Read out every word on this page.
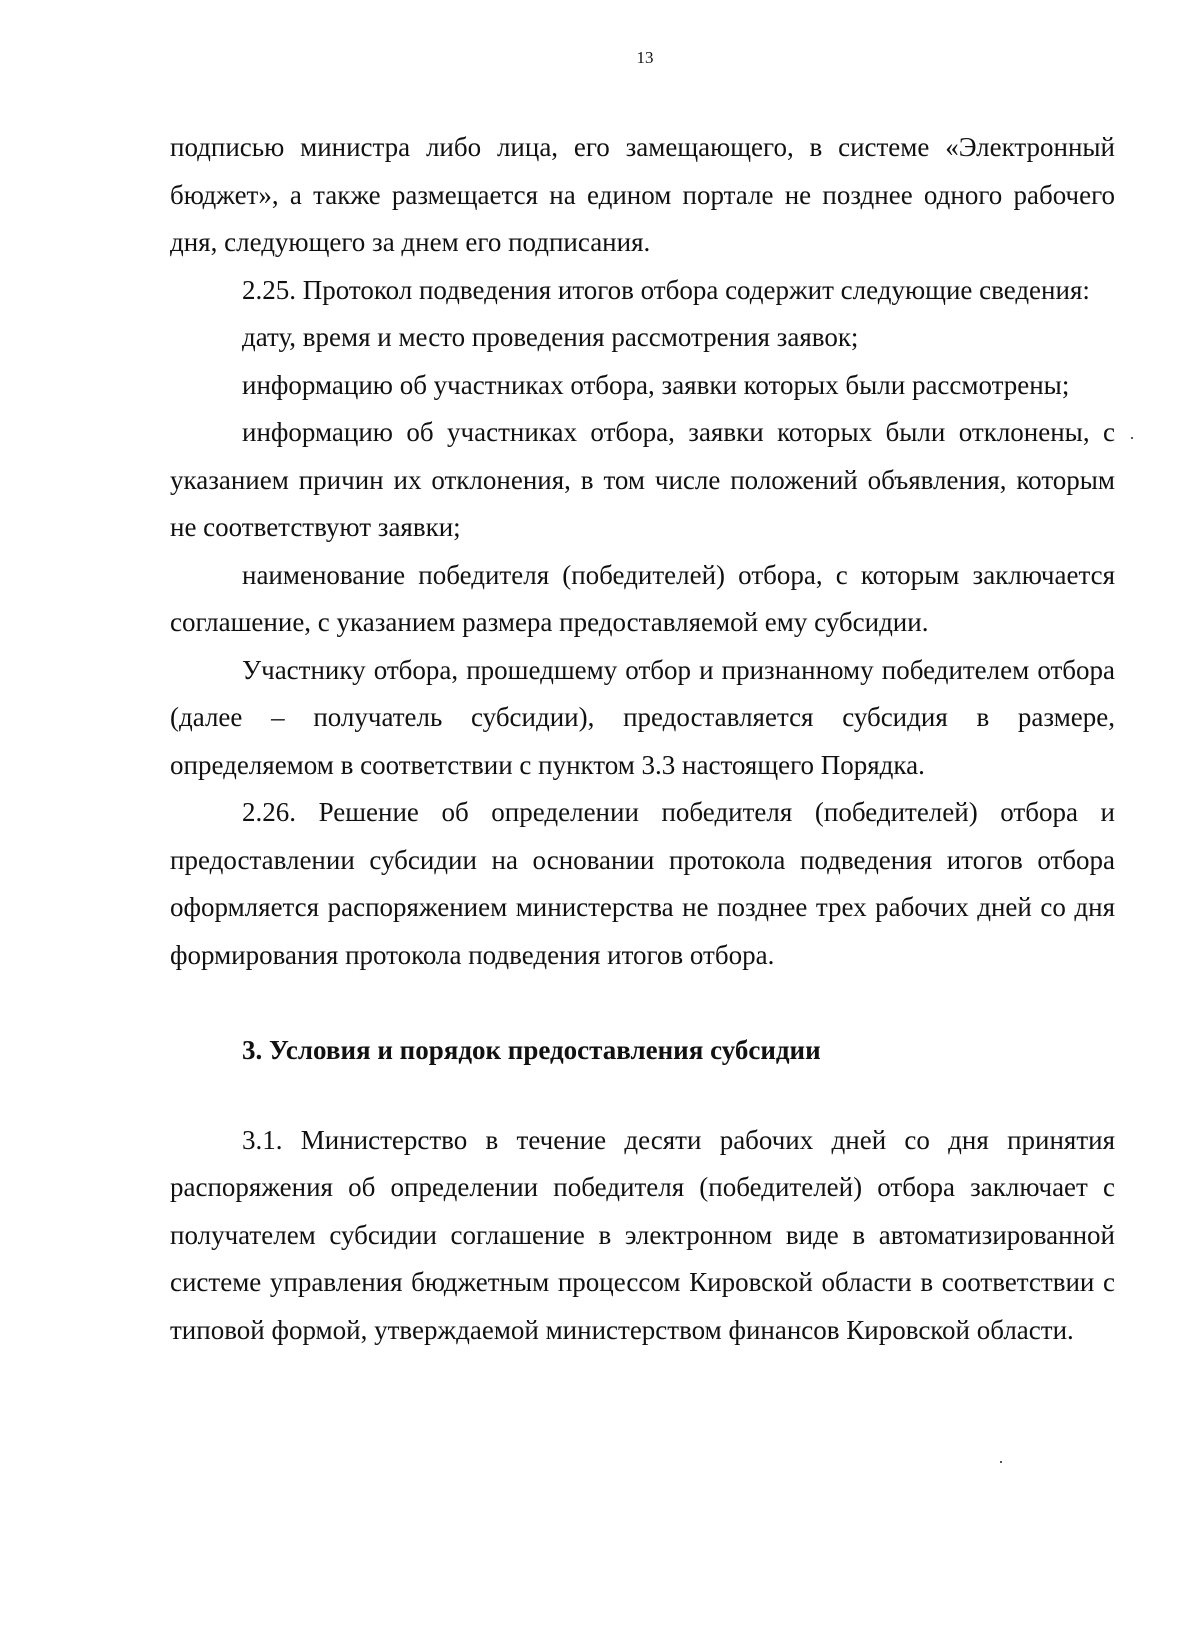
13

подписью министра либо лица, его замещающего, в системе «Электронный бюджет», а также размещается на едином портале не позднее одного рабочего дня, следующего за днем его подписания.

2.25. Протокол подведения итогов отбора содержит следующие сведения:

дату, время и место проведения рассмотрения заявок;

информацию об участниках отбора, заявки которых были рассмотрены;

информацию об участниках отбора, заявки которых были отклонены, с указанием причин их отклонения, в том числе положений объявления, которым не соответствуют заявки;

наименование победителя (победителей) отбора, с которым заключается соглашение, с указанием размера предоставляемой ему субсидии.

Участнику отбора, прошедшему отбор и признанному победителем отбора (далее – получатель субсидии), предоставляется субсидия в размере, определяемом в соответствии с пунктом 3.3 настоящего Порядка.

2.26. Решение об определении победителя (победителей) отбора и предоставлении субсидии на основании протокола подведения итогов отбора оформляется распоряжением министерства не позднее трех рабочих дней со дня формирования протокола подведения итогов отбора.

3. Условия и порядок предоставления субсидии

3.1. Министерство в течение десяти рабочих дней со дня принятия распоряжения об определении победителя (победителей) отбора заключает с получателем субсидии соглашение в электронном виде в автоматизированной системе управления бюджетным процессом Кировской области в соответствии с типовой формой, утверждаемой министерством финансов Кировской области.
